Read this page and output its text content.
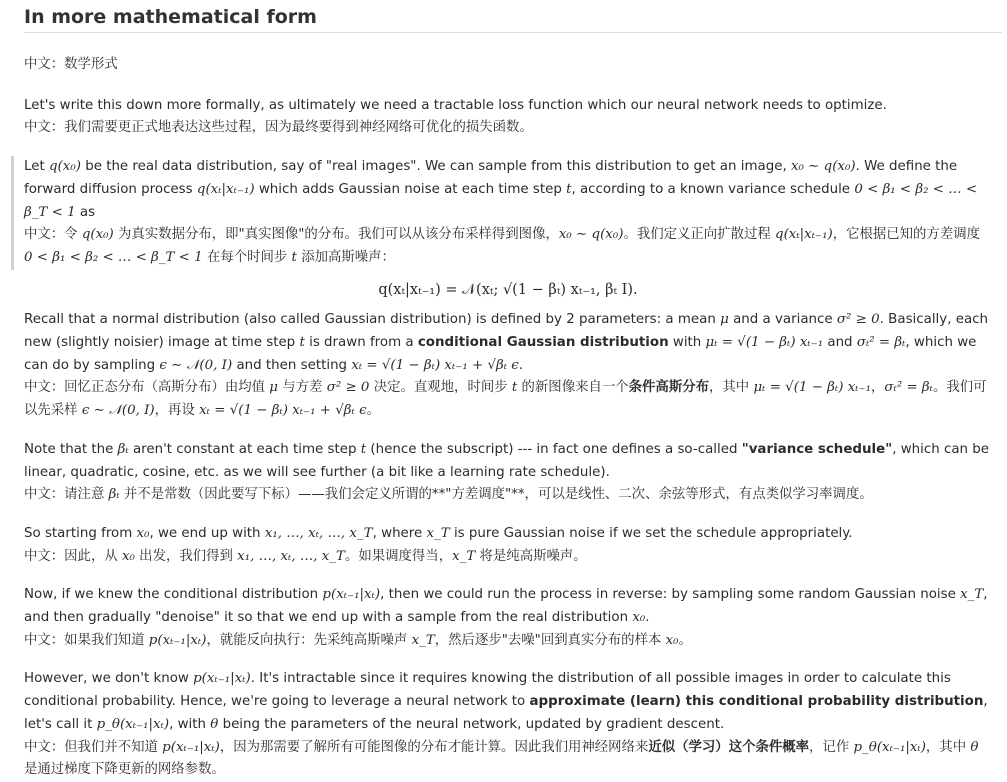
In more mathematical form

中文：数学形式

Let's write this down more formally, as ultimately we need a tractable loss function which our neural network needs to optimize.

中文：我们需要更正式地表达这些过程，因为最终要得到神经网络可优化的损失函数。

Let q(x₀) be the real data distribution, say of "real images". We can sample from this distribution to get an image, x₀ ∼ q(x₀). We define the forward diffusion process q(xₜ|xₜ₋₁) which adds Gaussian noise at each time step t, according to a known variance schedule 0 < β₁ < β₂ < … < β_T < 1 as

中文：令 q(x₀) 为真实数据分布，即"真实图像"的分布。我们可以从该分布采样得到图像，x₀ ∼ q(x₀)。我们定义正向扩散过程 q(xₜ|xₜ₋₁)，它根据已知的方差调度 0 < β₁ < β₂ < … < β_T < 1 在每个时间步 t 添加高斯噪声：

q(xₜ|xₜ₋₁) = 𝒩(xₜ; √(1 − βₜ) xₜ₋₁, βₜ I).

Recall that a normal distribution (also called Gaussian distribution) is defined by 2 parameters: a mean μ and a variance σ² ≥ 0. Basically, each new (slightly noisier) image at time step t is drawn from a conditional Gaussian distribution with μₜ = √(1 − βₜ) xₜ₋₁ and σₜ² = βₜ, which we can do by sampling ϵ ∼ 𝒩(0, I) and then setting xₜ = √(1 − βₜ) xₜ₋₁ + √βₜ ϵ.

中文：回忆正态分布（高斯分布）由均值 μ 与方差 σ² ≥ 0 决定。直观地，时间步 t 的新图像来自一个条件高斯分布，其中 μₜ = √(1 − βₜ) xₜ₋₁，σₜ² = βₜ。我们可以先采样 ϵ ∼ 𝒩(0, I)，再设 xₜ = √(1 − βₜ) xₜ₋₁ + √βₜ ϵ。

Note that the βₜ aren't constant at each time step t (hence the subscript) --- in fact one defines a so-called "variance schedule", which can be linear, quadratic, cosine, etc. as we will see further (a bit like a learning rate schedule).

中文：请注意 βₜ 并不是常数（因此要写下标）——我们会定义所谓的**"方差调度"**，可以是线性、二次、余弦等形式，有点类似学习率调度。

So starting from x₀, we end up with x₁, …, xₜ, …, x_T, where x_T is pure Gaussian noise if we set the schedule appropriately.

中文：因此，从 x₀ 出发，我们得到 x₁, …, xₜ, …, x_T。如果调度得当，x_T 将是纯高斯噪声。

Now, if we knew the conditional distribution p(xₜ₋₁|xₜ), then we could run the process in reverse: by sampling some random Gaussian noise x_T, and then gradually "denoise" it so that we end up with a sample from the real distribution x₀.

中文：如果我们知道 p(xₜ₋₁|xₜ)，就能反向执行：先采纯高斯噪声 x_T，然后逐步"去噪"回到真实分布的样本 x₀。

However, we don't know p(xₜ₋₁|xₜ). It's intractable since it requires knowing the distribution of all possible images in order to calculate this conditional probability. Hence, we're going to leverage a neural network to approximate (learn) this conditional probability distribution, let's call it p_θ(xₜ₋₁|xₜ), with θ being the parameters of the neural network, updated by gradient descent.

中文：但我们并不知道 p(xₜ₋₁|xₜ)，因为那需要了解所有可能图像的分布才能计算。因此我们用神经网络来近似（学习）这个条件概率，记作 p_θ(xₜ₋₁|xₜ)，其中 θ 是通过梯度下降更新的网络参数。
